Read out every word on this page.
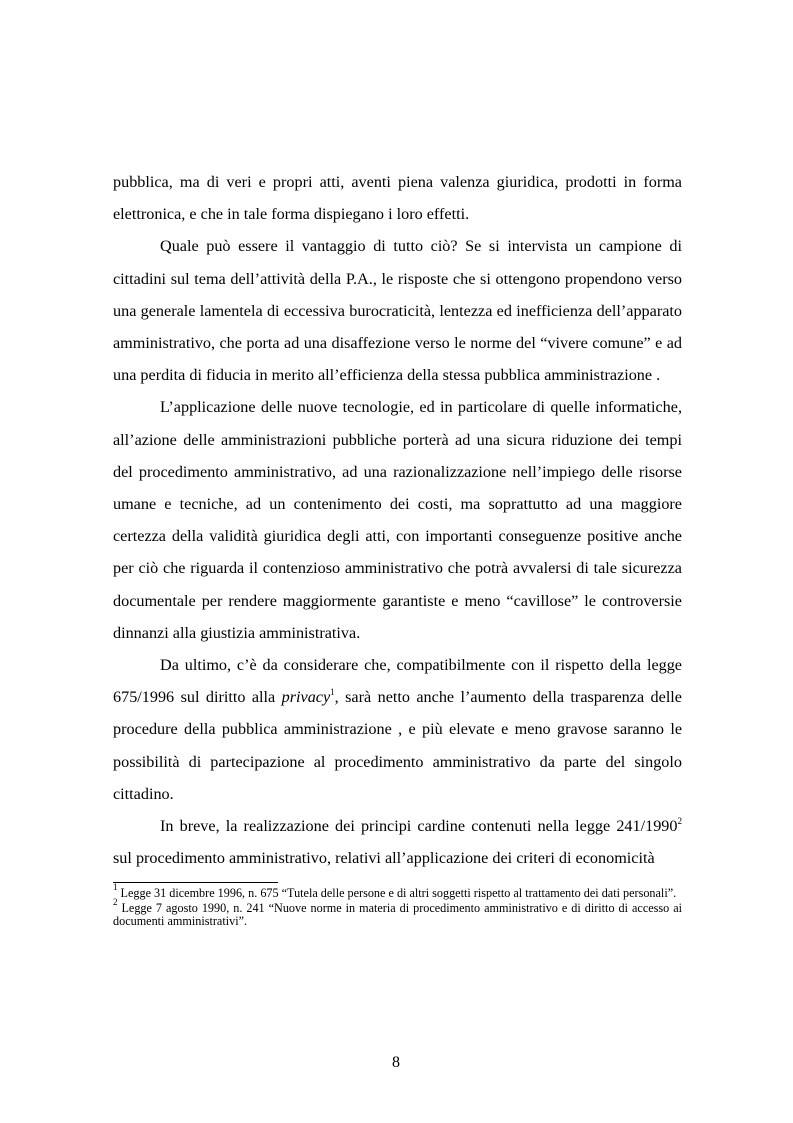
pubblica, ma di veri e propri atti, aventi piena valenza giuridica, prodotti in forma elettronica, e che in tale forma dispiegano i loro effetti.

Quale può essere il vantaggio di tutto ciò? Se si intervista un campione di cittadini sul tema dell’attività della P.A., le risposte che si ottengono propendono verso una generale lamentela di eccessiva burocraticità, lentezza ed inefficienza dell’apparato amministrativo, che porta ad una disaffezione verso le norme del “vivere comune” e ad una perdita di fiducia in merito all’efficienza della stessa pubblica amministrazione .

L’applicazione delle nuove tecnologie, ed in particolare di quelle informatiche, all’azione delle amministrazioni pubbliche porterà ad una sicura riduzione dei tempi del procedimento amministrativo, ad una razionalizzazione nell’impiego delle risorse umane e tecniche, ad un contenimento dei costi, ma soprattutto ad una maggiore certezza della validità giuridica degli atti, con importanti conseguenze positive anche per ciò che riguarda il contenzioso amministrativo che potrà avvalersi di tale sicurezza documentale per rendere maggiormente garantiste e meno “cavillose” le controversie dinnanzi alla giustizia amministrativa.

Da ultimo, c’è da considerare che, compatibilmente con il rispetto della legge 675/1996 sul diritto alla privacy$^1$, sarà netto anche l’aumento della trasparenza delle procedure della pubblica amministrazione , e più elevate e meno gravose saranno le possibilità di partecipazione al procedimento amministrativo da parte del singolo cittadino.

In breve, la realizzazione dei principi cardine contenuti nella legge 241/1990$^2$ sul procedimento amministrativo, relativi all’applicazione dei criteri di economicità

$^1$ Legge 31 dicembre 1996, n. 675 “Tutela delle persone e di altri soggetti rispetto al trattamento dei dati personali”.

$^2$ Legge 7 agosto 1990, n. 241 “Nuove norme in materia di procedimento amministrativo e di diritto di accesso ai documenti amministrativi”.

8
